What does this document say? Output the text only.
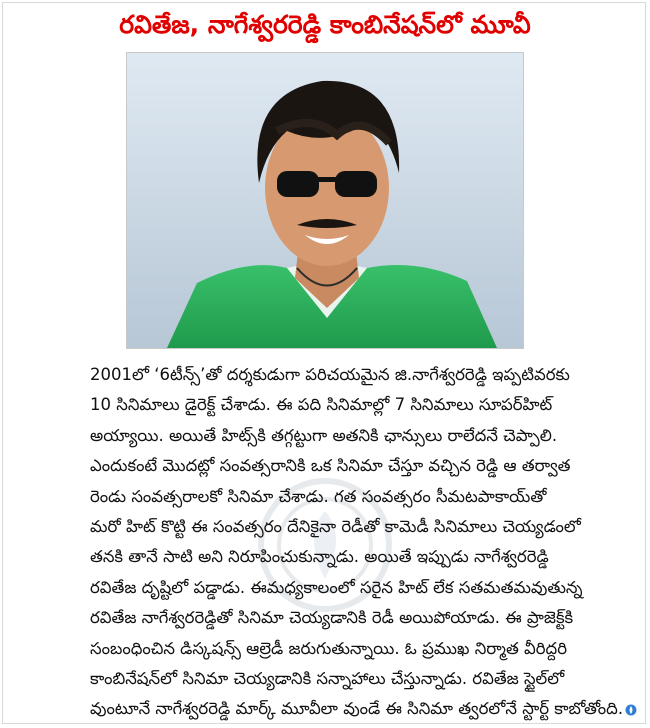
రవితేజ, నాగేశ్వరరెడ్డి కాంబినేషన్‌లో మూవీ
2001లో ‘6టీన్స్’తో దర్శకుడుగా పరిచయమైన జి.నాగేశ్వరరెడ్డి ఇప్పటివరకు
10 సినిమాలు డైరెక్ట్ చేశాడు. ఈ పది సినిమాల్లో 7 సినిమాలు సూపర్‌హిట్
అయ్యాయి. అయితే హిట్స్‌కి తగ్గట్టుగా అతనికి ఛాన్సులు రాలేదనే చెప్పాలి.
ఎందుకంటే మొదట్లో సంవత్సరానికి ఒక సినిమా చేస్తూ వచ్చిన రెడ్డి ఆ తర్వాత
రెండు సంవత్సరాలకో సినిమా చేశాడు. గత సంవత్సరం సీమటపాకాయ్‌తో
మరో హిట్ కొట్టి ఈ సంవత్సరం దేనికైనా రెడీతో కామెడీ సినిమాలు చెయ్యడంలో
తనకి తానే సాటి అని నిరూపించుకున్నాడు. అయితే ఇప్పుడు నాగేశ్వరరెడ్డి
రవితేజ దృష్టిలో పడ్డాడు. ఈమధ్యకాలంలో సరైన హిట్ లేక సతమతమవుతున్న
రవితేజ నాగేశ్వరరెడ్డితో సినిమా చెయ్యడానికి రెడీ అయిపోయాడు. ఈ ప్రాజెక్ట్‌కి
సంబంధించిన డిస్కషన్స్ ఆల్రెడీ జరుగుతున్నాయి. ఓ ప్రముఖ నిర్మాత వీరిద్దరి
కాంబినేషన్‌లో సినిమా చెయ్యడానికి సన్నాహాలు చేస్తున్నాడు. రవితేజ స్టైల్‌లో
వుంటూనే నాగేశ్వరరెడ్డి మార్క్ మూవీలా వుండే ఈ సినిమా త్వరలోనే స్టార్ట్ కాబోతోంది.
